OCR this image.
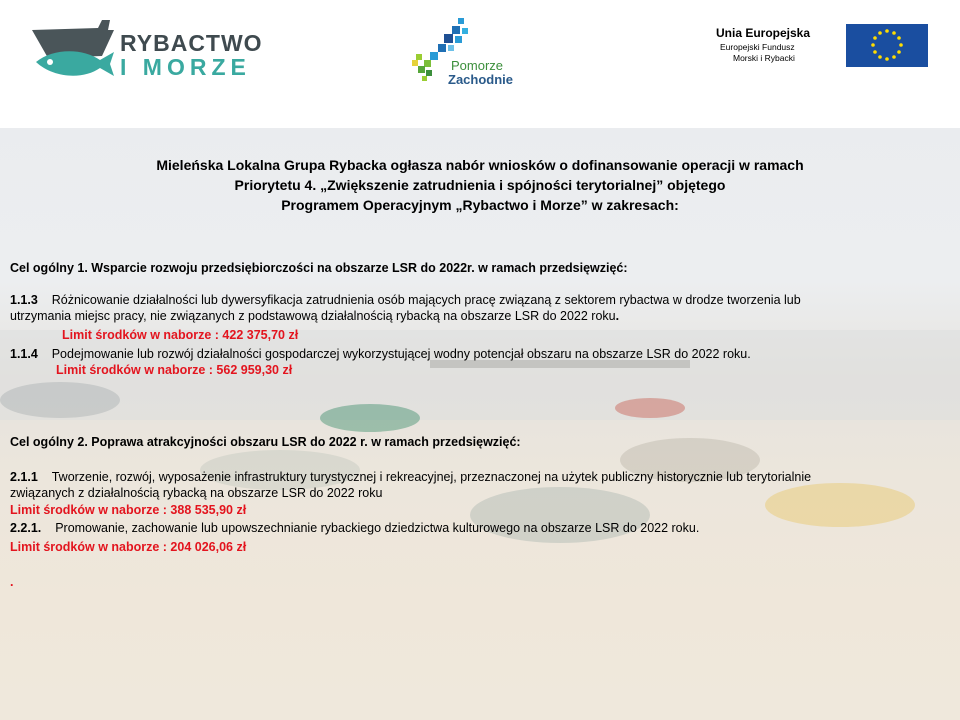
RYBACTWO
I MORZE	Pomorze
Zachodnie
Unia Europejska
Europejski Fundusz
Morski i Rybacki
Mieleńska Lokalna Grupa Rybacka ogłasza nabór wniosków o dofinansowanie operacji w ramach
Priorytetu 4. „Zwiększenie zatrudnienia i spójności terytorialnej” objętego
Programem Operacyjnym „Rybactwo i Morze” w zakresach:
Cel ogólny 1. Wsparcie rozwoju przedsiębiorczości na obszarze LSR do 2022r. w ramach przedsięwzięć:
1.1.3 Różnicowanie działalności lub dywersyfikacja zatrudnienia osób mających pracę związaną z sektorem rybactwa w drodze tworzenia lub
utrzymania miejsc pracy, nie związanych z podstawową działalnością rybacką na obszarze LSR do 2022 roku.
Limit środków w naborze : 422 375,70 zł
1.1.4 Podejmowanie lub rozwój działalności gospodarczej wykorzystującej wodny potencjał obszaru na obszarze LSR do 2022 roku.
Limit środków w naborze : 562 959,30 zł
Cel ogólny 2. Poprawa atrakcyjności obszaru LSR do 2022 r. w ramach przedsięwzięć:
2.1.1 Tworzenie, rozwój, wyposażenie infrastruktury turystycznej i rekreacyjnej, przeznaczonej na użytek publiczny historycznie lub terytorialnie
związanych z działalnością rybacką na obszarze LSR do 2022 roku
Limit środków w naborze : 388 535,90 zł
2.2.1. Promowanie, zachowanie lub upowszechnianie rybackiego dziedzictwa kulturowego na obszarze LSR do 2022 roku.
Limit środków w naborze : 204 026,06 zł
.
